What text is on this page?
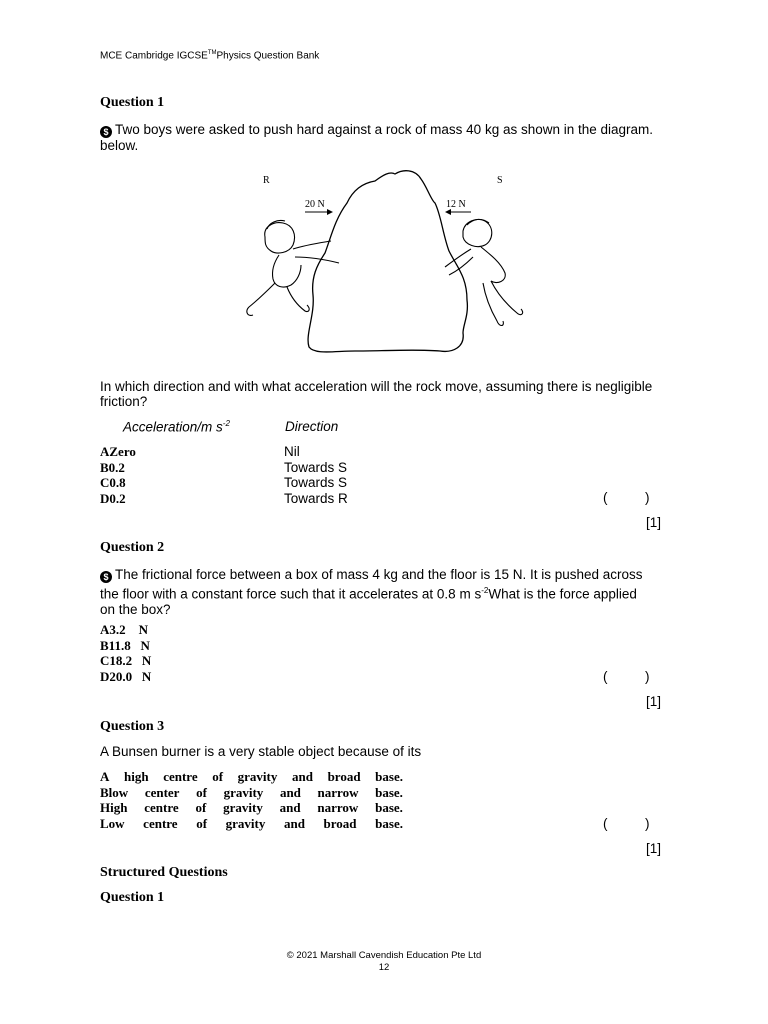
MCE Cambridge IGCSE™Physics Question Bank
Question 1
$ Two boys were asked to push hard against a rock of mass 40 kg as shown in the diagram.
below.
R	S
20 N	12 N
In which direction and with what acceleration will the rock move, assuming there is negligible
friction?
Acceleration/m $s^{-2}$	Direction
AZero	Nil
B0.2	Towards S
C0.8	Towards S
D0.2	Towards R	(          )
[1]
Question 2
$ The frictional force between a box of mass 4 kg and the floor is 15 N. It is pushed across
the floor with a constant force such that it accelerates at 0.8 m $s^{-2}What$ is the force applied
on the box?
A3.2 N
B11.8 N
C18.2 N
D20.0 N	(          )
[1]
Question 3
A Bunsen burner is a very stable object because of its
A high centre of gravity and broad base.
Blow center of gravity and narrow base.
High centre of gravity and narrow base.
Low centre of gravity and broad base.	(          )
[1]
Structured Questions
Question 1
© 2021 Marshall Cavendish Education Pte Ltd
12
